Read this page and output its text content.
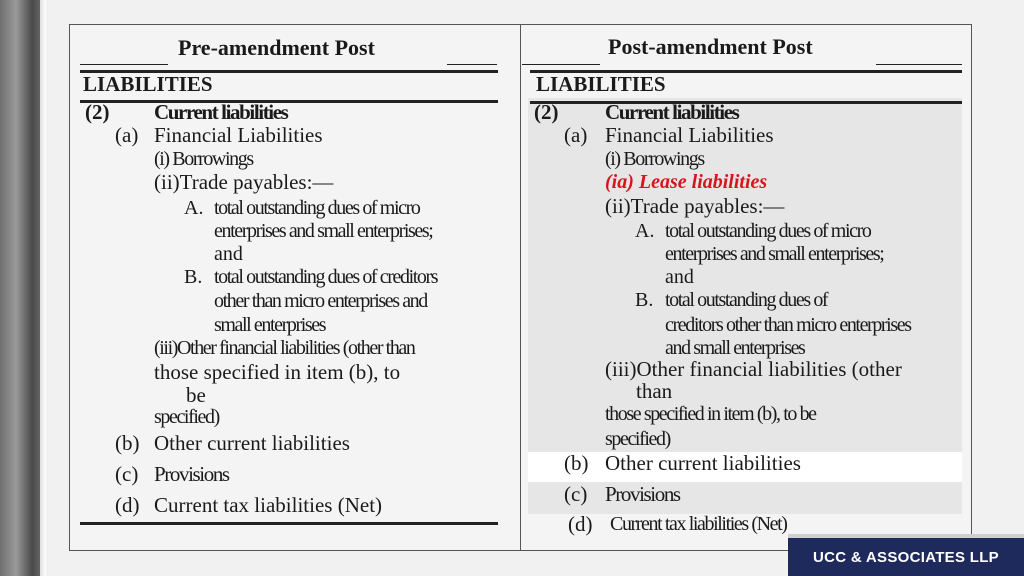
Pre-amendment Post
LIABILITIES
(2) Current liabilities
(a) Financial Liabilities
(i) Borrowings
(ii)Trade payables:—
A. total outstanding dues of micro
enterprises and small enterprises;
and
B. total outstanding dues of creditors
other than micro enterprises and
small enterprises
(iii)Other financial liabilities (other than
those specified in item (b), to
be
specified)
(b) Other current liabilities
(c) Provisions
(d) Current tax liabilities (Net)
Post-amendment Post
LIABILITIES
(2) Current liabilities
(a) Financial Liabilities
(i) Borrowings
(ia) Lease liabilities
(ii)Trade payables:—
A. total outstanding dues of micro
enterprises and small enterprises;
and
B. total outstanding dues of
creditors other than micro enterprises
and small enterprises
(iii)Other financial liabilities (other
than
those specified in item (b), to be
specified)
(b) Other current liabilities
(c) Provisions
(d) Current tax liabilities (Net)
UCC & ASSOCIATES LLP
